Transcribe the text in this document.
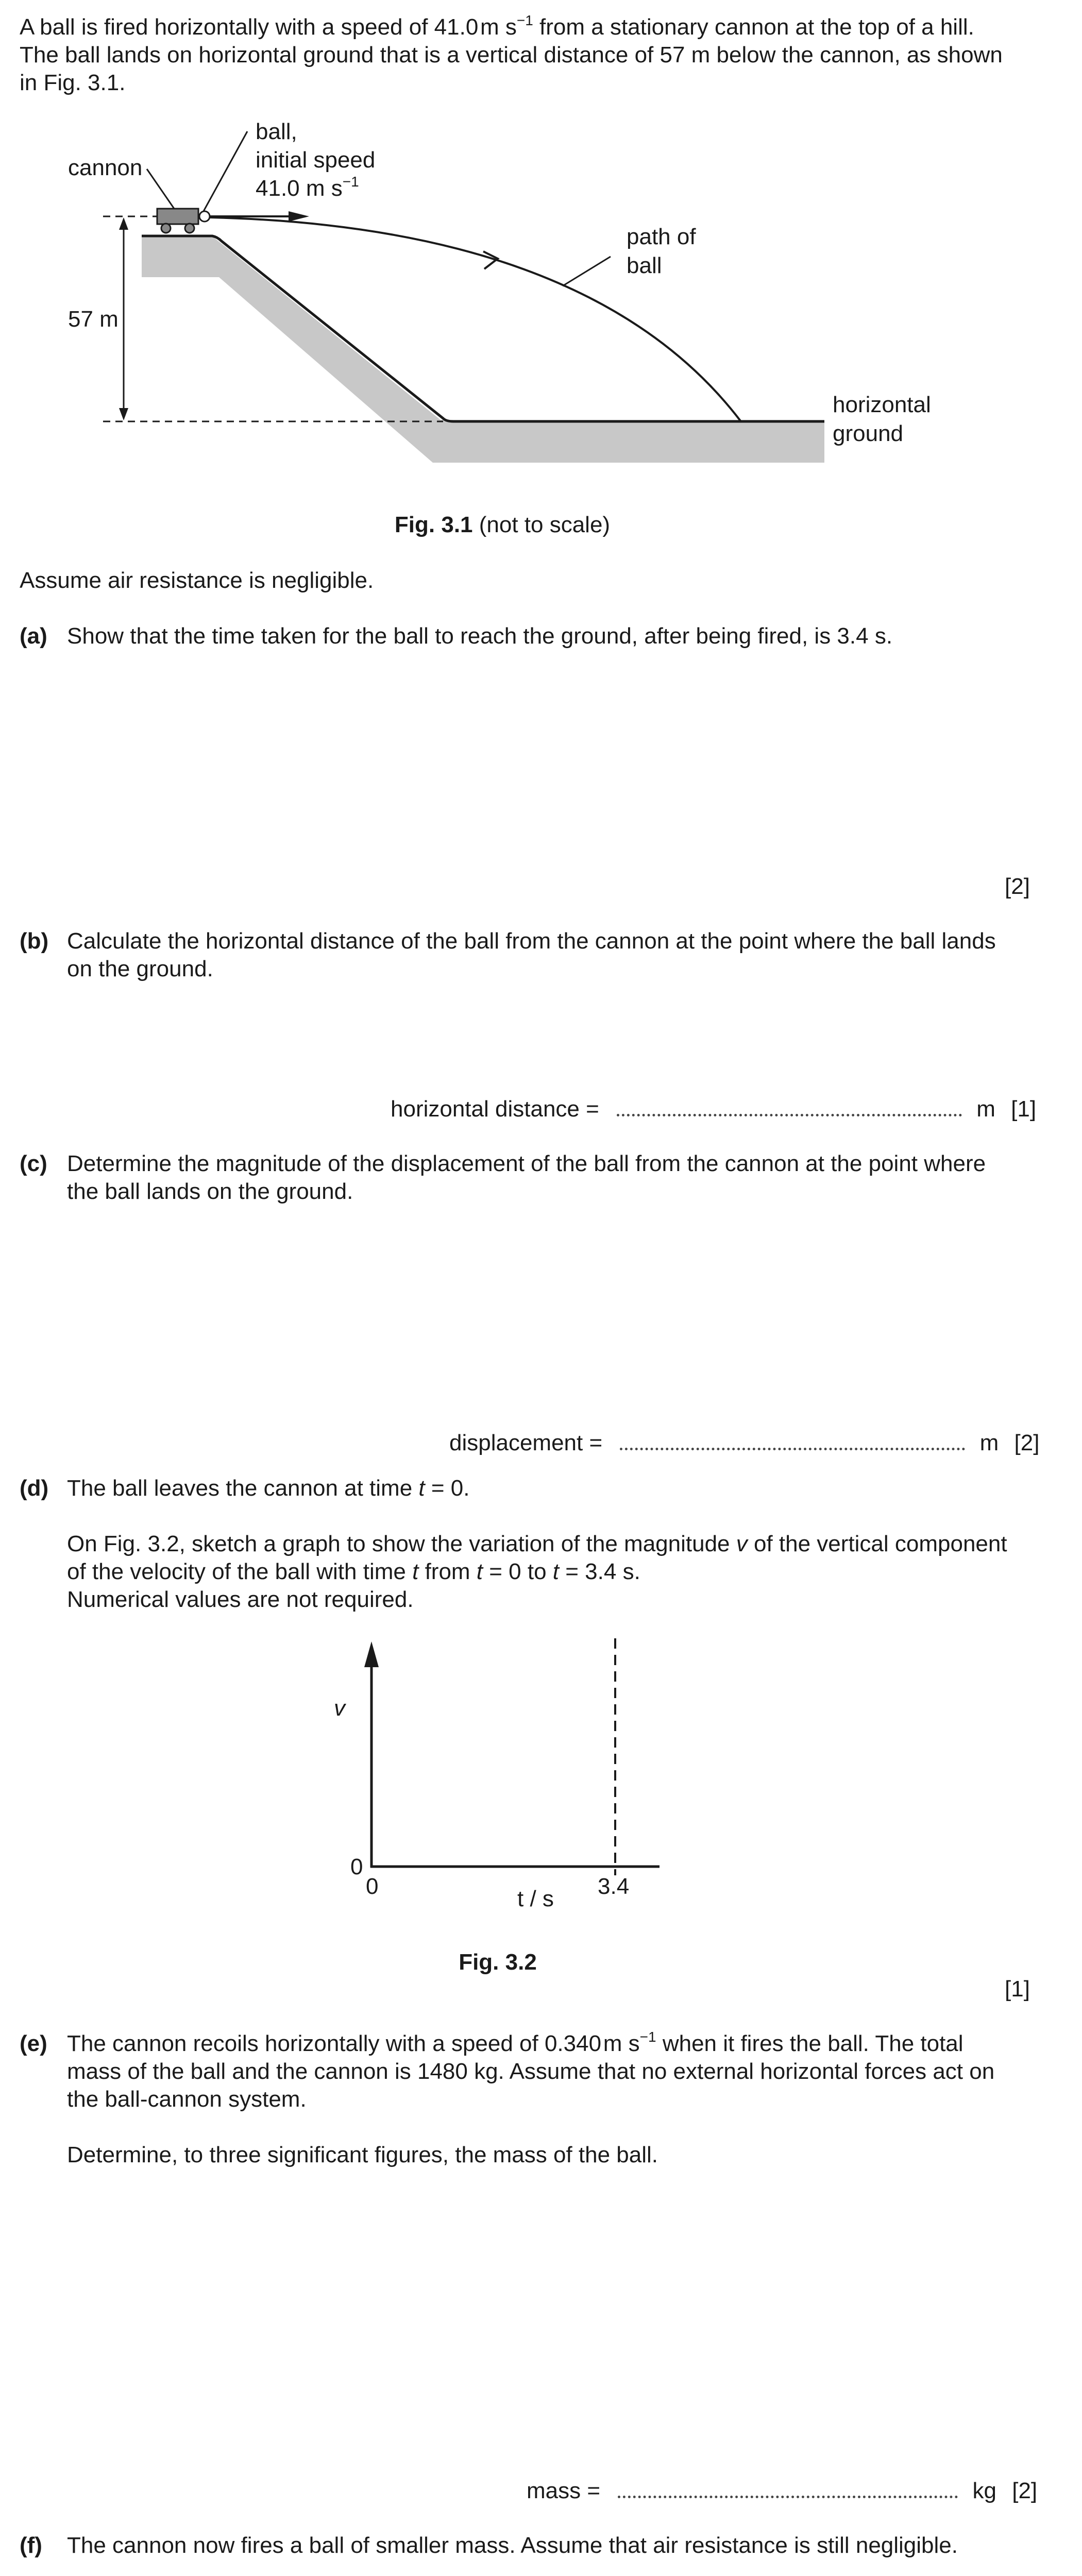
A ball is fired horizontally with a speed of 41.0 m $s^{-1}$ from a stationary cannon at the top of a hill.
The ball lands on horizontal ground that is a vertical distance of 57 m below the cannon, as shown
in Fig. 3.1.
cannon
ball,
initial speed
41.0 m $s^{-1}$
path of
ball
57 m
horizontal
ground
Fig. 3.1 (not to scale)
Assume air resistance is negligible.
(a) Show that the time taken for the ball to reach the ground, after being fired, is 3.4 s.
[2]
(b) Calculate the horizontal distance of the ball from the cannon at the point where the ball lands
on the ground.
horizontal distance =	m [1]
(c) Determine the magnitude of the displacement of the ball from the cannon at the point where
the ball lands on the ground.
displacement =	m [2]
(d) The ball leaves the cannon at time t = 0.
On Fig. 3.2, sketch a graph to show the variation of the magnitude v of the vertical component
of the velocity of the ball with time t from t = 0 to t = 3.4 s.
Numerical values are not required.
v
0
0	t / s 3.4
Fig. 3.2
[1]
(e) The cannon recoils horizontally with a speed of 0.340 m $s^{-1}$ when it fires the ball. The total
mass of the ball and the cannon is 1480 kg. Assume that no external horizontal forces act on
the ball-cannon system.
Determine, to three significant figures, the mass of the ball.
mass =	kg [2]
(f) The cannon now fires a ball of smaller mass. Assume that air resistance is still negligible.
